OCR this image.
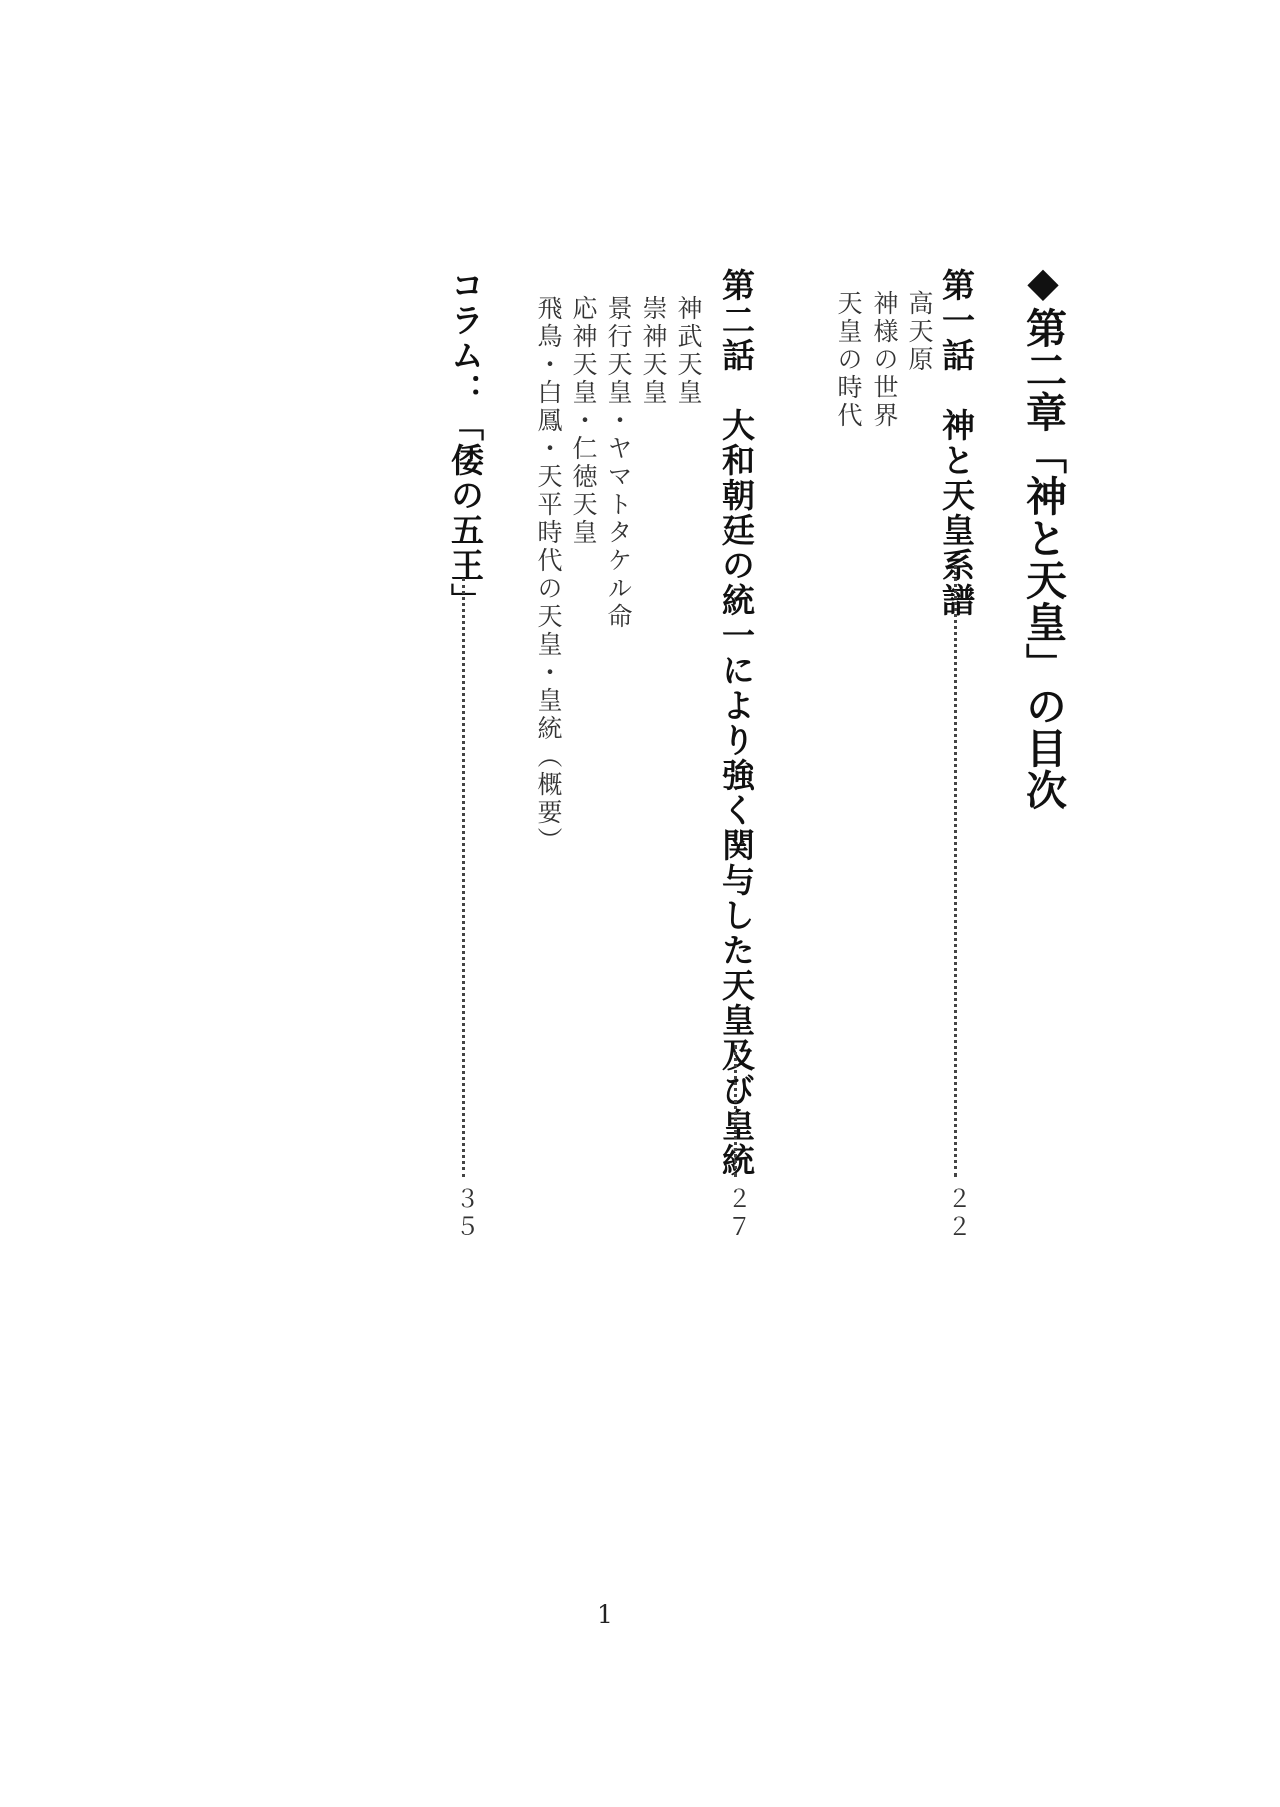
◆第二章「神と天皇」の目次
第一話　神と天皇系譜
２２
高天原
神様の世界
天皇の時代
第二話　大和朝廷の統一により強く関与した天皇及び皇統
２７
神武天皇
崇神天皇
景行天皇・ヤマトタケル命
応神天皇・仁徳天皇
飛鳥・白鳳・天平時代の天皇・皇統（概要）
コラム：「倭の五王」
３５
1
